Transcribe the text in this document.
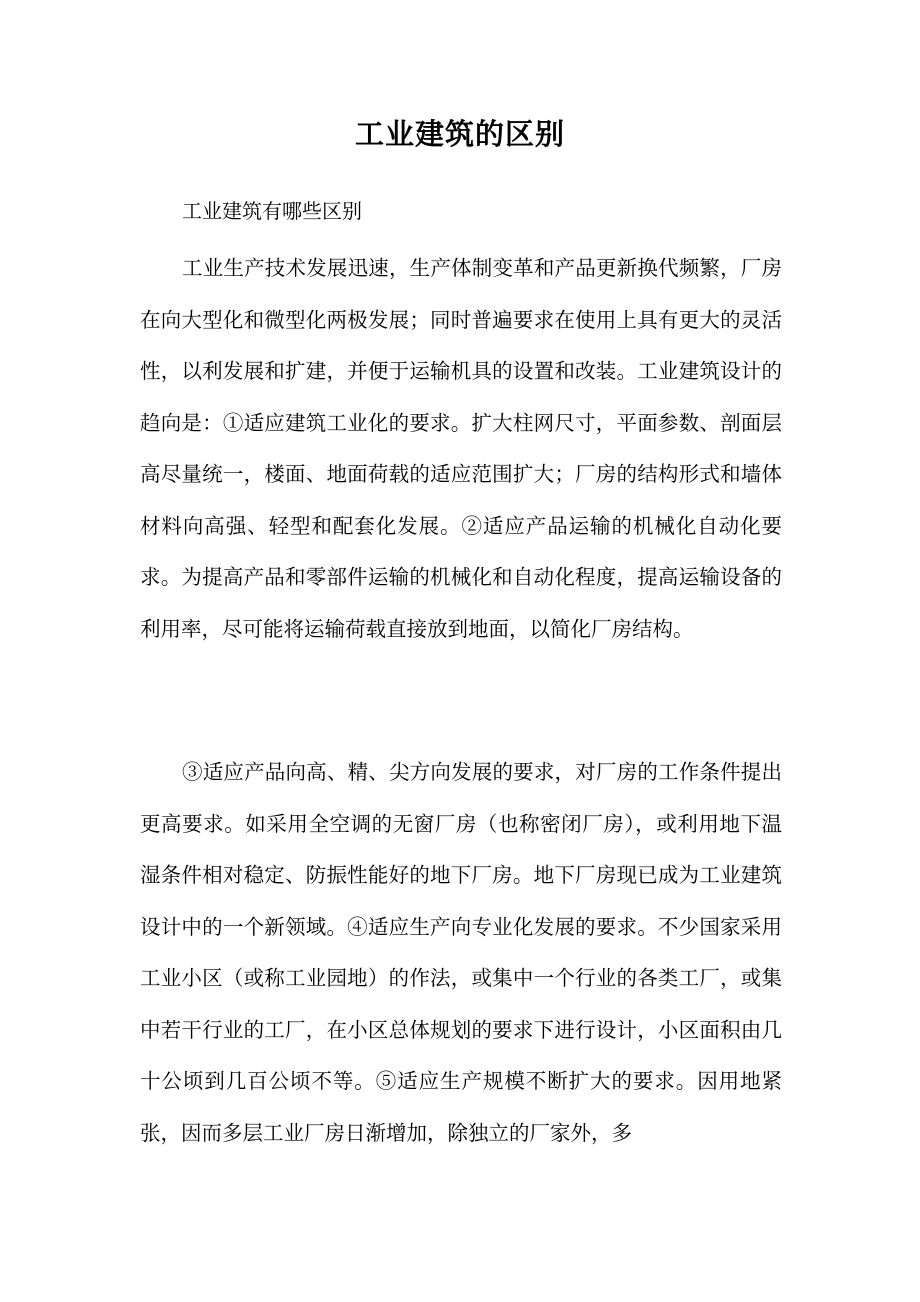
工业建筑的区别
工业建筑有哪些区别

工业生产技术发展迅速，生产体制变革和产品更新换代频繁，厂房在向大型化和微型化两极发展；同时普遍要求在使用上具有更大的灵活性，以利发展和扩建，并便于运输机具的设置和改装。工业建筑设计的趋向是：①适应建筑工业化的要求。扩大柱网尺寸，平面参数、剖面层高尽量统一，楼面、地面荷载的适应范围扩大；厂房的结构形式和墙体材料向高强、轻型和配套化发展。②适应产品运输的机械化自动化要求。为提高产品和零部件运输的机械化和自动化程度，提高运输设备的利用率，尽可能将运输荷载直接放到地面，以简化厂房结构。

③适应产品向高、精、尖方向发展的要求，对厂房的工作条件提出更高要求。如采用全空调的无窗厂房（也称密闭厂房），或利用地下温湿条件相对稳定、防振性能好的地下厂房。地下厂房现已成为工业建筑设计中的一个新领域。④适应生产向专业化发展的要求。不少国家采用工业小区（或称工业园地）的作法，或集中一个行业的各类工厂，或集中若干行业的工厂，在小区总体规划的要求下进行设计，小区面积由几十公顷到几百公顷不等。⑤适应生产规模不断扩大的要求。因用地紧张，因而多层工业厂房日渐增加，除独立的厂家外，多
